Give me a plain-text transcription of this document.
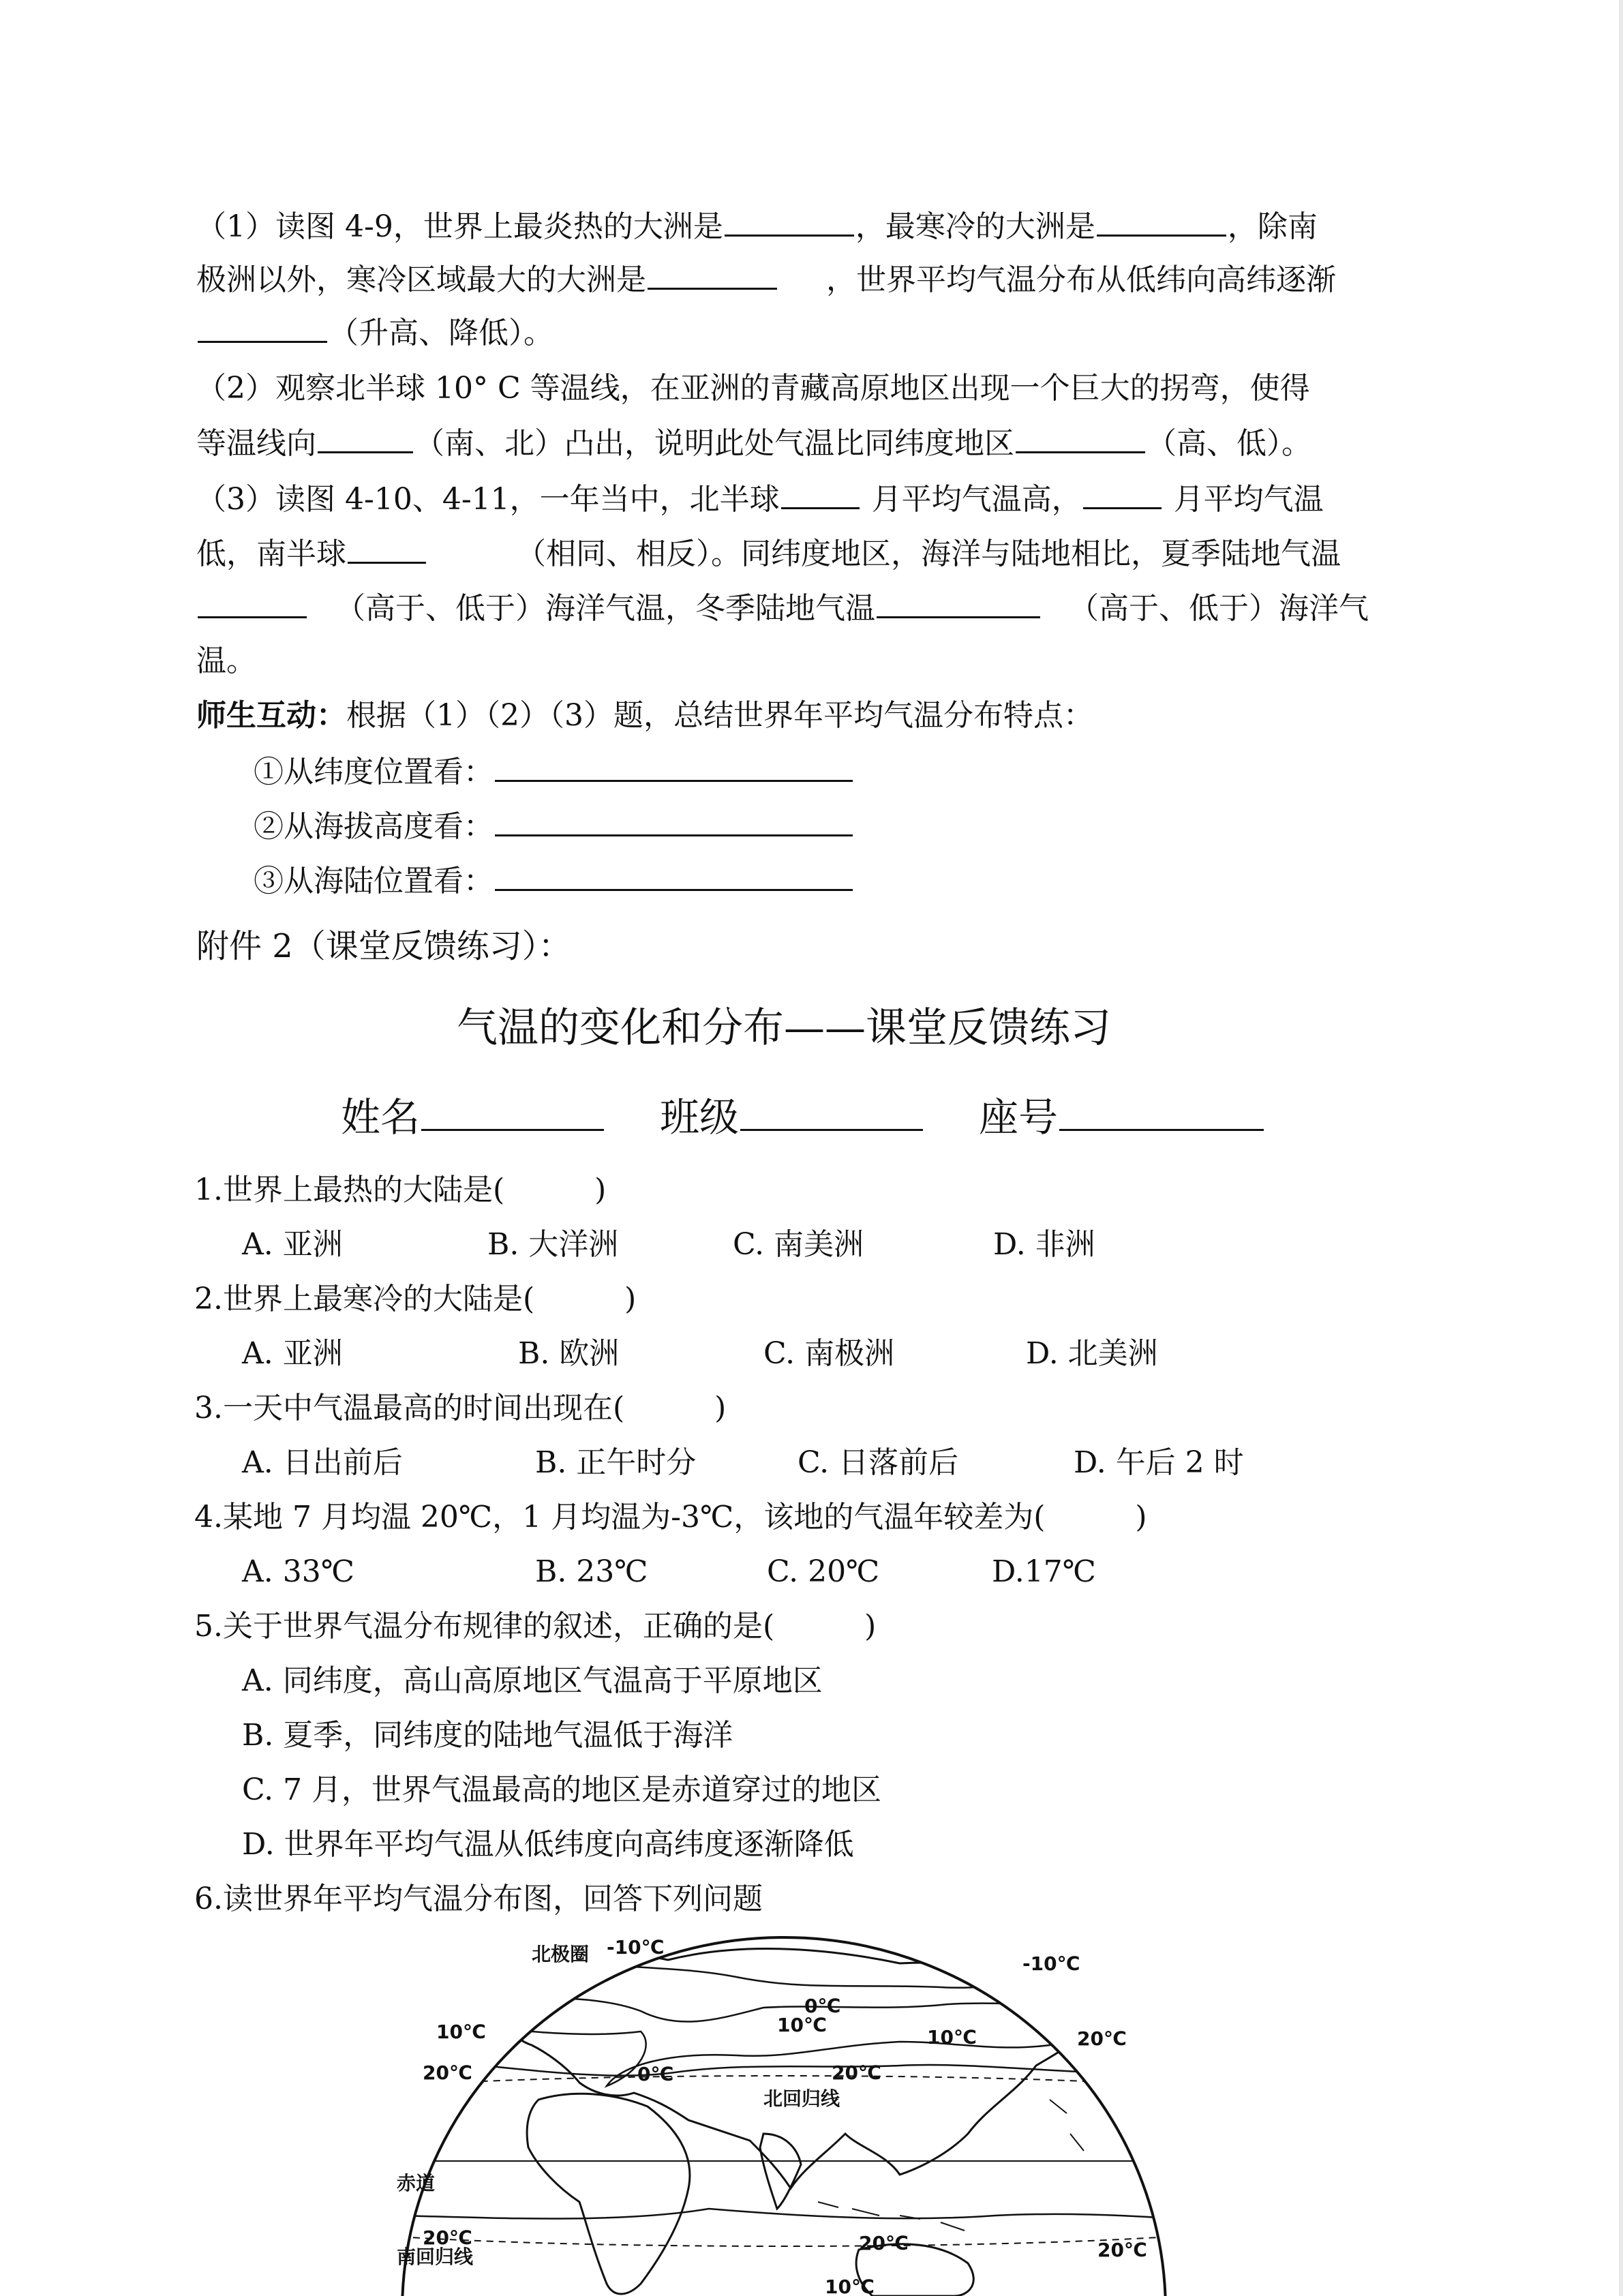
（1）读图 4-9，世界上最炎热的大洲是	，最寒冷的大洲是	，除南
极洲以外，寒冷区域最大的大洲是	，世界平均气温分布从低纬向高纬逐渐
（升高、降低）。
（2）观察北半球 10° C 等温线，在亚洲的青藏高原地区出现一个巨大的拐弯，使得
等温线向	（南、北）凸出，说明此处气温比同纬度地区	（高、低）。
（3）读图 4-10、4-11，一年当中，北半球	月平均气温高，	月平均气温
低，南半球	（相同、相反）。同纬度地区，海洋与陆地相比，夏季陆地气温
（高于、低于）海洋气温，冬季陆地气温	（高于、低于）海洋气
温。
师生互动：根据（1）（2）（3）题，总结世界年平均气温分布特点：
①从纬度位置看：
②从海拔高度看：
③从海陆位置看：
附件 2（课堂反馈练习）：
气温的变化和分布——课堂反馈练习
姓名	班级	座号
1.世界上最热的大陆是(　　　)
A. 亚洲	B. 大洋洲	C. 南美洲	D. 非洲
2.世界上最寒冷的大陆是(　　　)
A. 亚洲	B. 欧洲	C. 南极洲	D. 北美洲
3.一天中气温最高的时间出现在(　　　)
A. 日出前后	B. 正午时分	C. 日落前后	D. 午后 2 时
4.某地 7 月均温 20℃，1 月均温为-3℃，该地的气温年较差为(　　　)
A. 33℃	B. 23℃	C. 20℃	D.17℃
5.关于世界气温分布规律的叙述，正确的是(　　　)
A. 同纬度，高山高原地区气温高于平原地区
B. 夏季，同纬度的陆地气温低于海洋
C. 7 月，世界气温最高的地区是赤道穿过的地区
D. 世界年平均气温从低纬度向高纬度逐渐降低
6.读世界年平均气温分布图，回答下列问题
北极圈
北回归线
赤道
南回归线
-10℃
-10℃
0℃
0℃
10℃	10℃
10℃
20℃	20℃
20℃
20℃	20℃	20℃
10℃
